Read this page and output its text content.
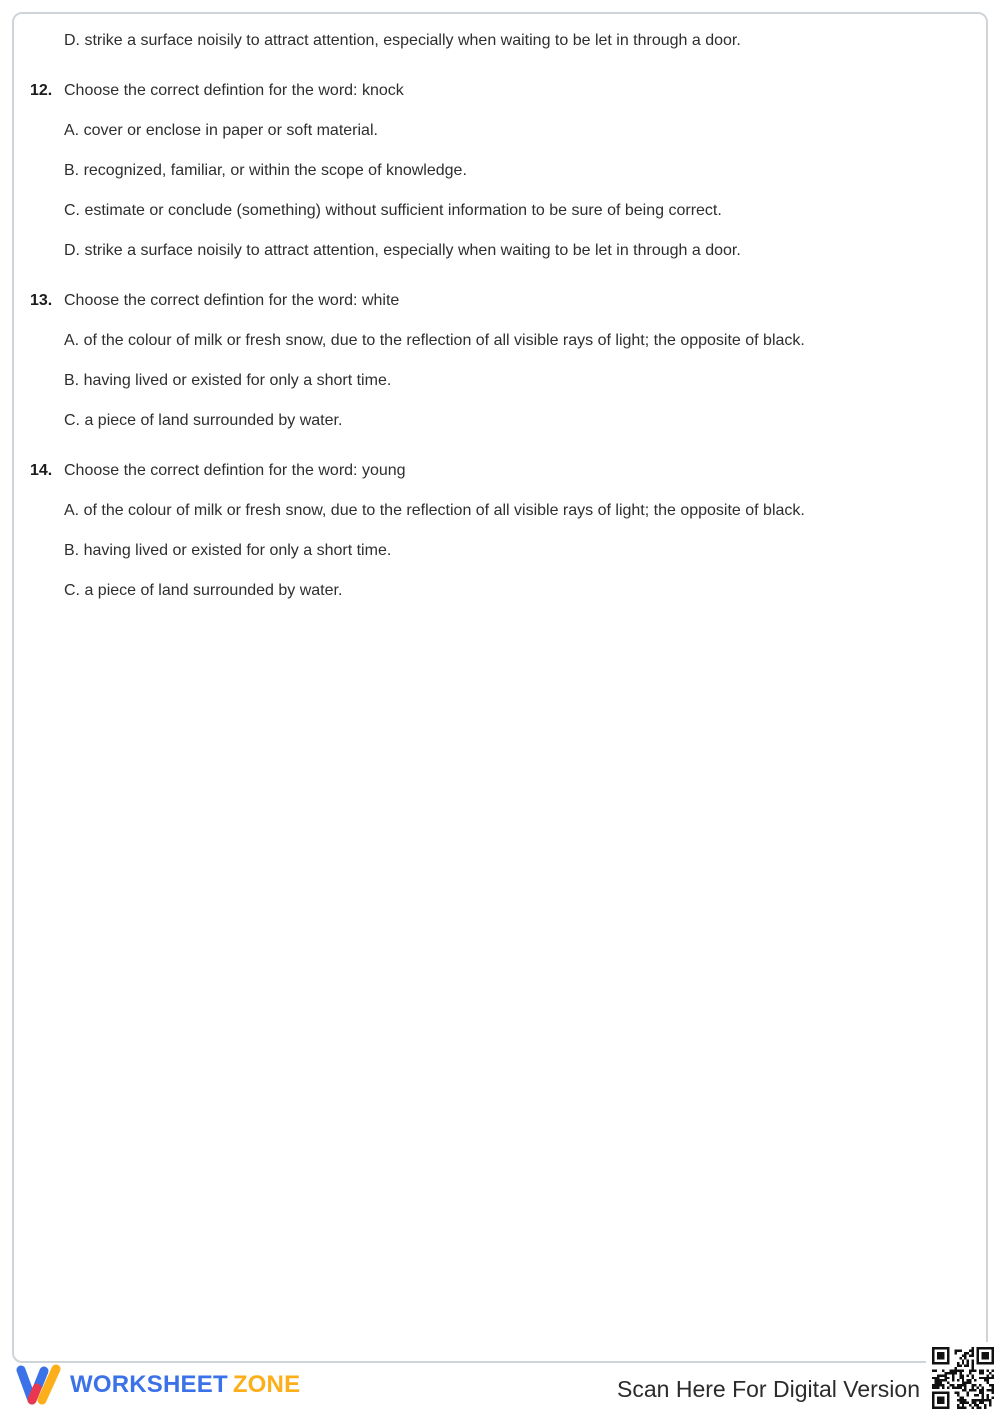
D. strike a surface noisily to attract attention, especially when waiting to be let in through a door.
12. Choose the correct defintion for the word: knock
A. cover or enclose in paper or soft material.
B. recognized, familiar, or within the scope of knowledge.
C. estimate or conclude (something) without sufficient information to be sure of being correct.
D. strike a surface noisily to attract attention, especially when waiting to be let in through a door.
13. Choose the correct defintion for the word: white
A. of the colour of milk or fresh snow, due to the reflection of all visible rays of light; the opposite of black.
B. having lived or existed for only a short time.
C. a piece of land surrounded by water.
14. Choose the correct defintion for the word: young
A. of the colour of milk or fresh snow, due to the reflection of all visible rays of light; the opposite of black.
B. having lived or existed for only a short time.
C. a piece of land surrounded by water.
WORKSHEET ZONE	Scan Here For Digital Version
